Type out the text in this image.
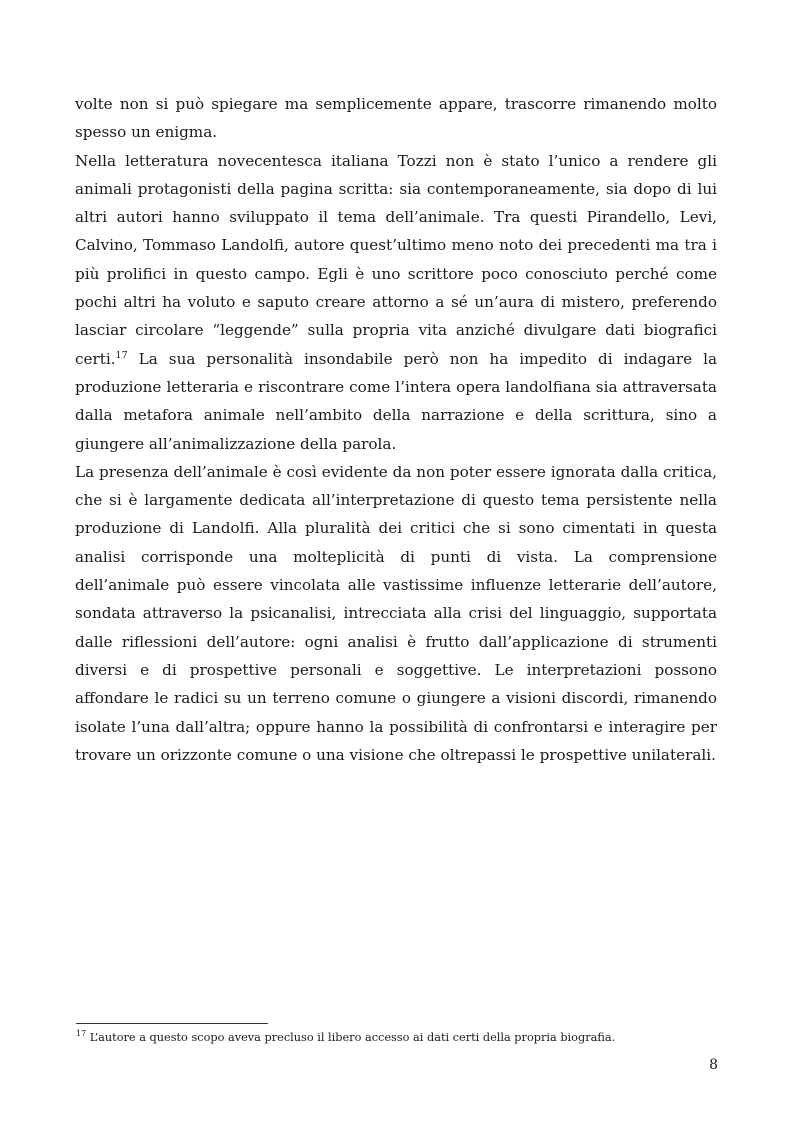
volte non si può spiegare ma semplicemente appare, trascorre rimanendo molto spesso un enigma.

Nella letteratura novecentesca italiana Tozzi non è stato l’unico a rendere gli animali protagonisti della pagina scritta: sia contemporaneamente, sia dopo di lui altri autori hanno sviluppato il tema dell’animale. Tra questi Pirandello, Levi, Calvino, Tommaso Landolfi, autore quest’ultimo meno noto dei precedenti ma tra i più prolifici in questo campo. Egli è uno scrittore poco conosciuto perché come pochi altri ha voluto e saputo creare attorno a sé un’aura di mistero, preferendo lasciar circolare “leggende” sulla propria vita anziché divulgare dati biografici certi.$^{17}$ La sua personalità insondabile però non ha impedito di indagare la produzione letteraria e riscontrare come l’intera opera landolfiana sia attraversata dalla metafora animale nell’ambito della narrazione e della scrittura, sino a giungere all’animalizzazione della parola.

La presenza dell’animale è così evidente da non poter essere ignorata dalla critica, che si è largamente dedicata all’interpretazione di questo tema persistente nella produzione di Landolfi. Alla pluralità dei critici che si sono cimentati in questa analisi corrisponde una molteplicità di punti di vista. La comprensione dell’animale può essere vincolata alle vastissime influenze letterarie dell’autore, sondata attraverso la psicanalisi, intrecciata alla crisi del linguaggio, supportata dalle riflessioni dell’autore: ogni analisi è frutto dall’applicazione di strumenti diversi e di prospettive personali e soggettive. Le interpretazioni possono affondare le radici su un terreno comune o giungere a visioni discordi, rimanendo isolate l’una dall’altra; oppure hanno la possibilità di confrontarsi e interagire per trovare un orizzonte comune o una visione che oltrepassi le prospettive unilaterali.

$^{17}$ L’autore a questo scopo aveva precluso il libero accesso ai dati certi della propria biografia.

8
